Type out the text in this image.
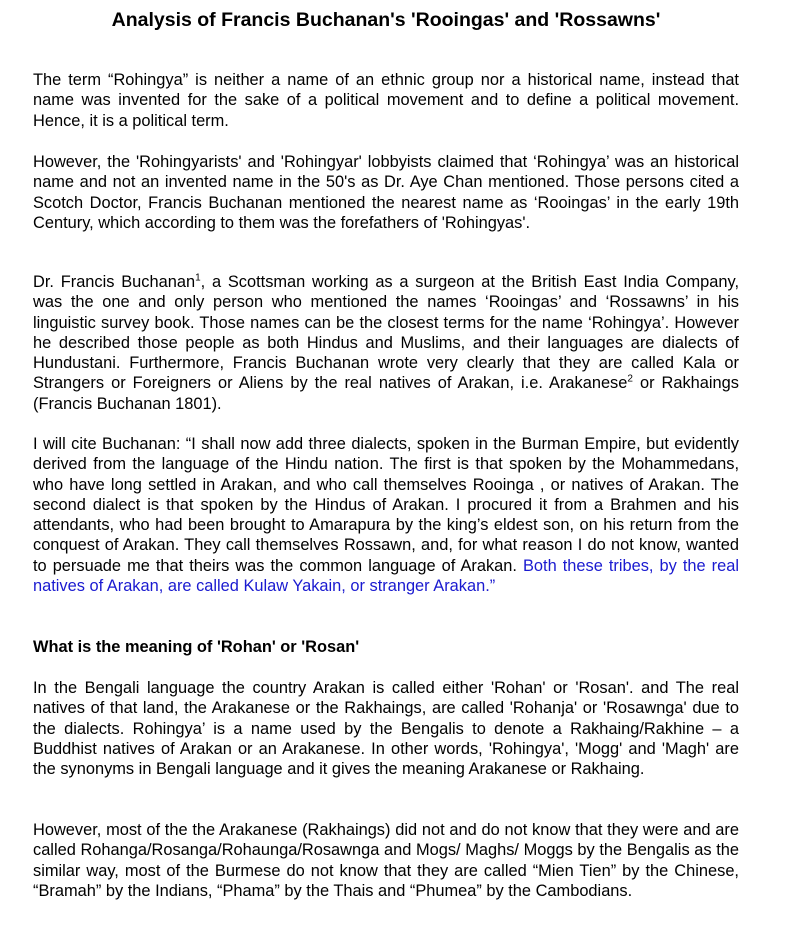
Analysis of Francis Buchanan's 'Rooingas' and 'Rossawns'

The term “Rohingya” is neither a name of an ethnic group nor a historical name, instead that name was invented for the sake of a political movement and to define a political movement. Hence, it is a political term.

However, the 'Rohingyarists' and 'Rohingyar' lobbyists claimed that ‘Rohingya’ was an historical name and not an invented name in the 50's as Dr. Aye Chan mentioned. Those persons cited a Scotch Doctor, Francis Buchanan mentioned the nearest name as ‘Rooingas’ in the early 19th Century, which according to them was the forefathers of 'Rohingyas'.

Dr. Francis Buchanan$^1$, a Scottsman working as a surgeon at the British East India Company, was the one and only person who mentioned the names ‘Rooingas’ and ‘Rossawns’ in his linguistic survey book. Those names can be the closest terms for the name ‘Rohingya’. However he described those people as both Hindus and Muslims, and their languages are dialects of Hundustani. Furthermore, Francis Buchanan wrote very clearly that they are called Kala or Strangers or Foreigners or Aliens by the real natives of Arakan, i.e. Arakanese$^2$ or Rakhaings (Francis Buchanan 1801).

I will cite Buchanan: “I shall now add three dialects, spoken in the Burman Empire, but evidently derived from the language of the Hindu nation. The first is that spoken by the Mohammedans, who have long settled in Arakan, and who call themselves Rooinga , or natives of Arakan. The second dialect is that spoken by the Hindus of Arakan. I procured it from a Brahmen and his attendants, who had been brought to Amarapura by the king’s eldest son, on his return from the conquest of Arakan. They call themselves Rossawn, and, for what reason I do not know, wanted to persuade me that theirs was the common language of Arakan. Both these tribes, by the real natives of Arakan, are called Kulaw Yakain, or stranger Arakan.”

What is the meaning of 'Rohan' or 'Rosan'

In the Bengali language the country Arakan is called either 'Rohan' or 'Rosan'. and The real natives of that land, the Arakanese or the Rakhaings, are called 'Rohanja' or 'Rosawnga' due to the dialects. Rohingya’ is a name used by the Bengalis to denote a Rakhaing/Rakhine – a Buddhist natives of Arakan or an Arakanese. In other words, 'Rohingya', 'Mogg' and 'Magh' are the synonyms in Bengali language and it gives the meaning Arakanese or Rakhaing.

However, most of the the Arakanese (Rakhaings) did not and do not know that they were and are called Rohanga/Rosanga/Rohaunga/Rosawnga and Mogs/ Maghs/ Moggs by the Bengalis as the similar way, most of the Burmese do not know that they are called “Mien Tien” by the Chinese, “Bramah” by the Indians, “Phama” by the Thais and “Phumea” by the Cambodians.
